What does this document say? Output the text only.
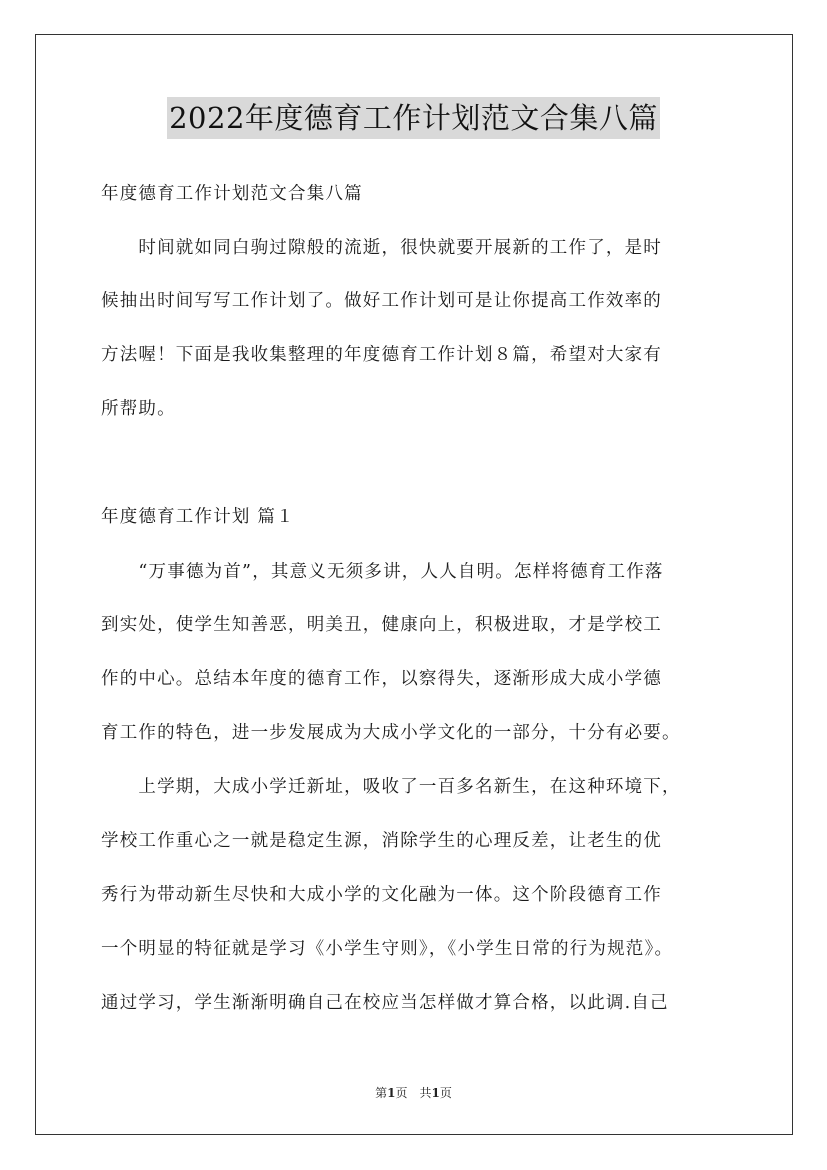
2022年度德育工作计划范文合集八篇
年度德育工作计划范文合集八篇
　　时间就如同白驹过隙般的流逝，很快就要开展新的工作了，是时
候抽出时间写写工作计划了。做好工作计划可是让你提高工作效率的
方法喔！下面是我收集整理的年度德育工作计划８篇，希望对大家有
所帮助。
年度德育工作计划 篇１
　　“万事德为首”，其意义无须多讲，人人自明。怎样将德育工作落
到实处，使学生知善恶，明美丑，健康向上，积极进取，才是学校工
作的中心。总结本年度的德育工作，以察得失，逐渐形成大成小学德
育工作的特色，进一步发展成为大成小学文化的一部分，十分有必要。
　　上学期，大成小学迁新址，吸收了一百多名新生，在这种环境下，
学校工作重心之一就是稳定生源，消除学生的心理反差，让老生的优
秀行为带动新生尽快和大成小学的文化融为一体。这个阶段德育工作
一个明显的特征就是学习《小学生守则》，《小学生日常的行为规范》。
通过学习，学生渐渐明确自己在校应当怎样做才算合格，以此调.自己
第1页　共1页
